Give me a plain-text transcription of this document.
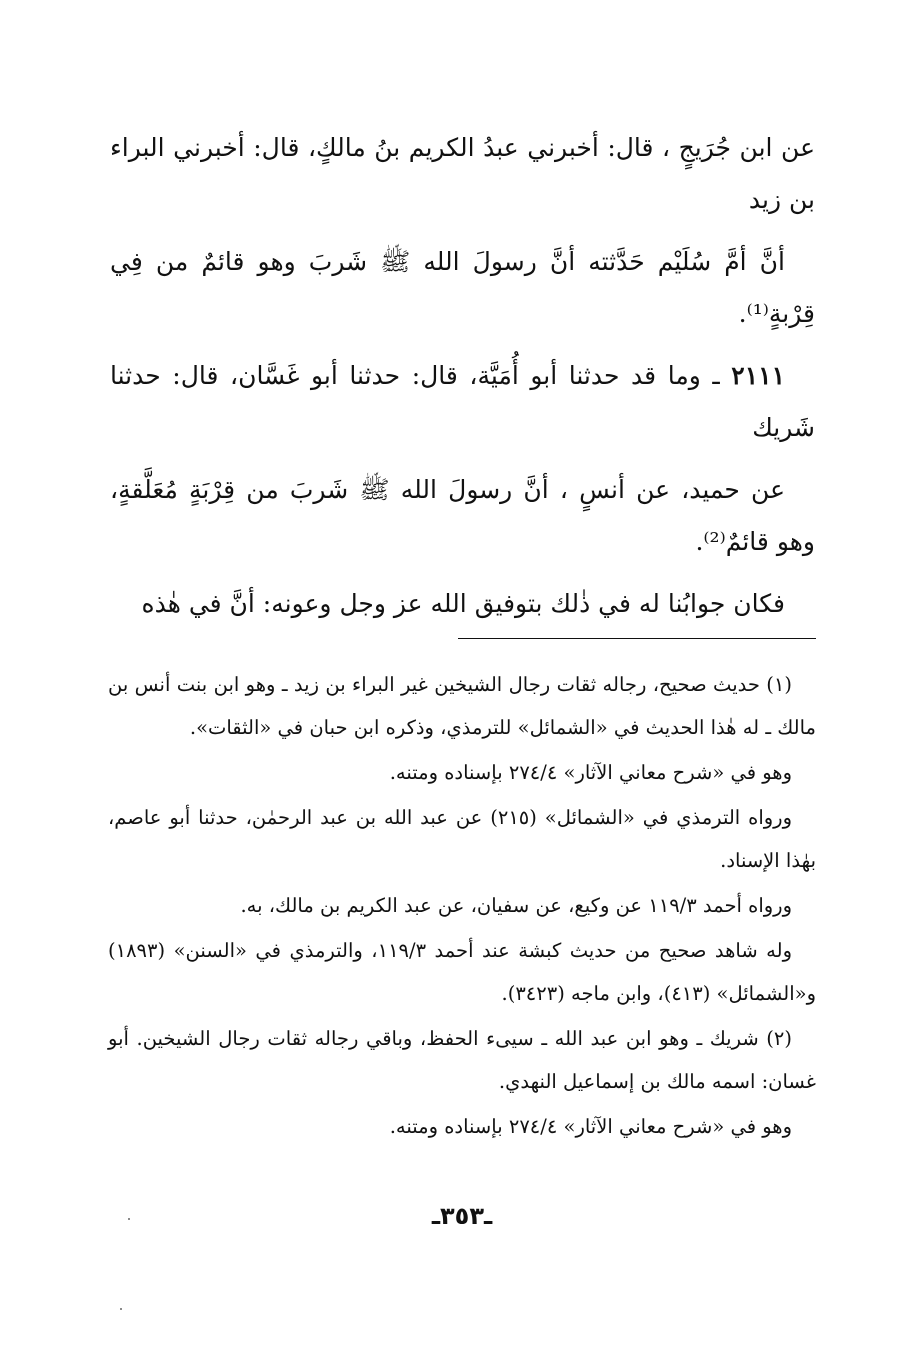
عن ابن جُرَيجٍ ، قال: أخبرني عبدُ الكريم بنُ مالكٍ، قال: أخبرني البراء بن زيد

أنَّ أمَّ سُلَيْم حَدَّثته أنَّ رسولَ الله ﷺ شَربَ وهو قائمٌ من فِي قِرْبةٍ⁽¹⁾.

٢١١١ ـ وما قد حدثنا أبو أُمَيَّة، قال: حدثنا أبو غَسَّان، قال: حدثنا شَريك

عن حميد، عن أنسٍ ، أنَّ رسولَ الله ﷺ شَربَ من قِرْبَةٍ مُعَلَّقةٍ، وهو قائمٌ⁽²⁾.

فكان جوابُنا له في ذٰلك بتوفيق الله عز وجل وعونه: أنَّ في هٰذه

(١) حديث صحيح، رجاله ثقات رجال الشيخين غير البراء بن زيد ـ وهو ابن بنت أنس بن مالك ـ له هٰذا الحديث في «الشمائل» للترمذي، وذكره ابن حبان في «الثقات».

وهو في «شرح معاني الآثار» ٢٧٤/٤ بإسناده ومتنه.

ورواه الترمذي في «الشمائل» (٢١٥) عن عبد الله بن عبد الرحمٰن، حدثنا أبو عاصم، بهٰذا الإسناد.

ورواه أحمد ١١٩/٣ عن وكيع، عن سفيان، عن عبد الكريم بن مالك، به.

وله شاهد صحيح من حديث كبشة عند أحمد ١١٩/٣، والترمذي في «السنن» (١٨٩٣) و«الشمائل» (٤١٣)، وابن ماجه (٣٤٢٣).

(٢) شريك ـ وهو ابن عبد الله ـ سيىء الحفظ، وباقي رجاله ثقات رجال الشيخين. أبو غسان: اسمه مالك بن إسماعيل النهدي.

وهو في «شرح معاني الآثار» ٢٧٤/٤ بإسناده ومتنه.

ـ٣٥٣ـ
